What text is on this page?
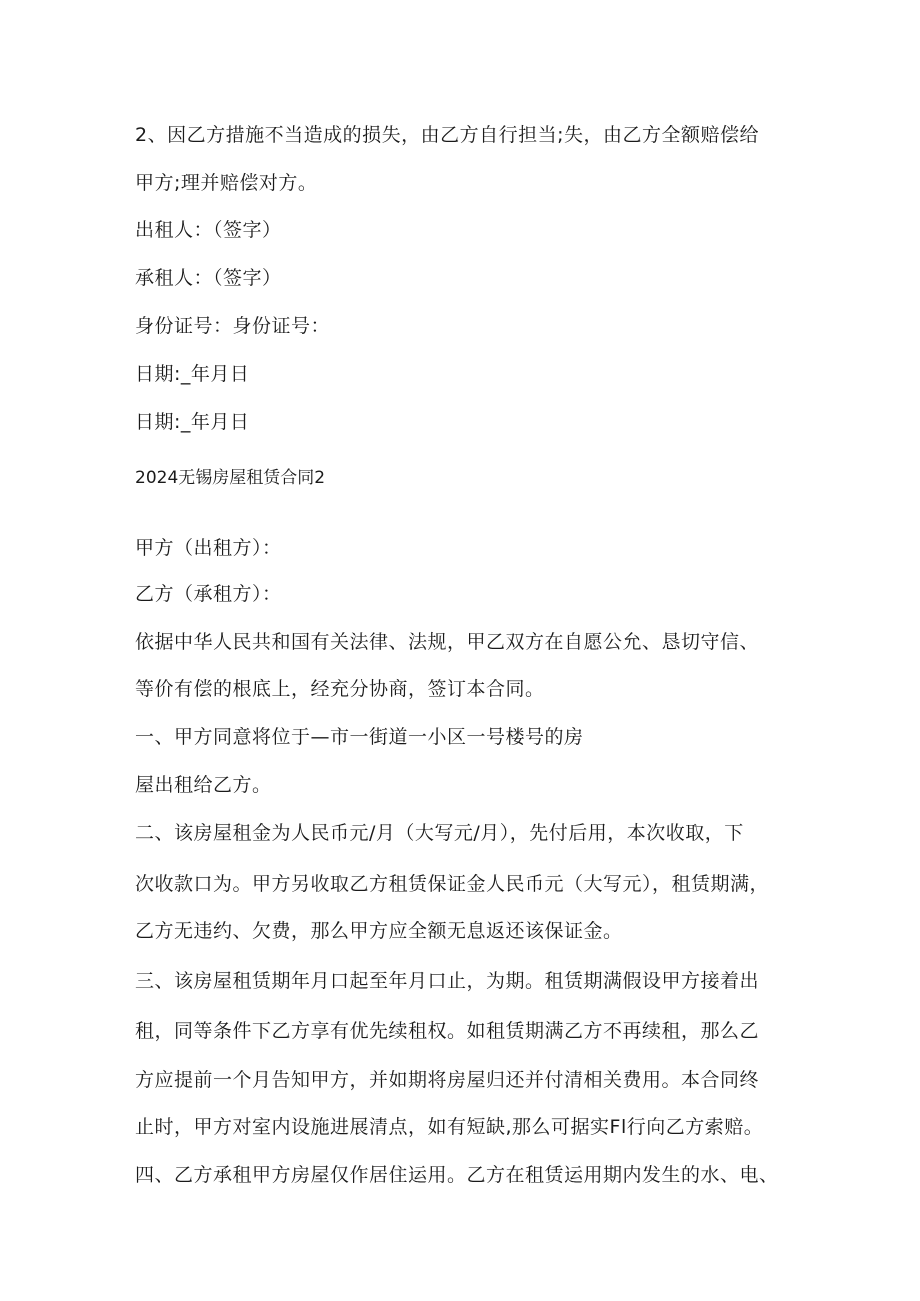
2、因乙方措施不当造成的损失，由乙方自行担当;失，由乙方全额赔偿给
甲方;理并赔偿对方。
出租人：（签字）
承租人：（签字）
身份证号：身份证号：
日期:_年月日
日期:_年月日
2024无锡房屋租赁合同2
甲方（出租方）：
乙方（承租方）：
依据中华人民共和国有关法律、法规，甲乙双方在自愿公允、恳切守信、
等价有偿的根底上，经充分协商，签订本合同。
一、甲方同意将位于—市一街道一小区一号楼号的房
屋出租给乙方。
二、该房屋租金为人民币元/月（大写元/月），先付后用，本次收取，下
次收款口为。甲方另收取乙方租赁保证金人民币元（大写元），租赁期满，
乙方无违约、欠费，那么甲方应全额无息返还该保证金。
三、该房屋租赁期年月口起至年月口止，为期。租赁期满假设甲方接着出
租，同等条件下乙方享有优先续租权。如租赁期满乙方不再续租，那么乙
方应提前一个月告知甲方，并如期将房屋归还并付清相关费用。本合同终
止时，甲方对室内设施进展清点，如有短缺,那么可据实Fl行向乙方索赔。
四、乙方承租甲方房屋仅作居住运用。乙方在租赁运用期内发生的水、电、
